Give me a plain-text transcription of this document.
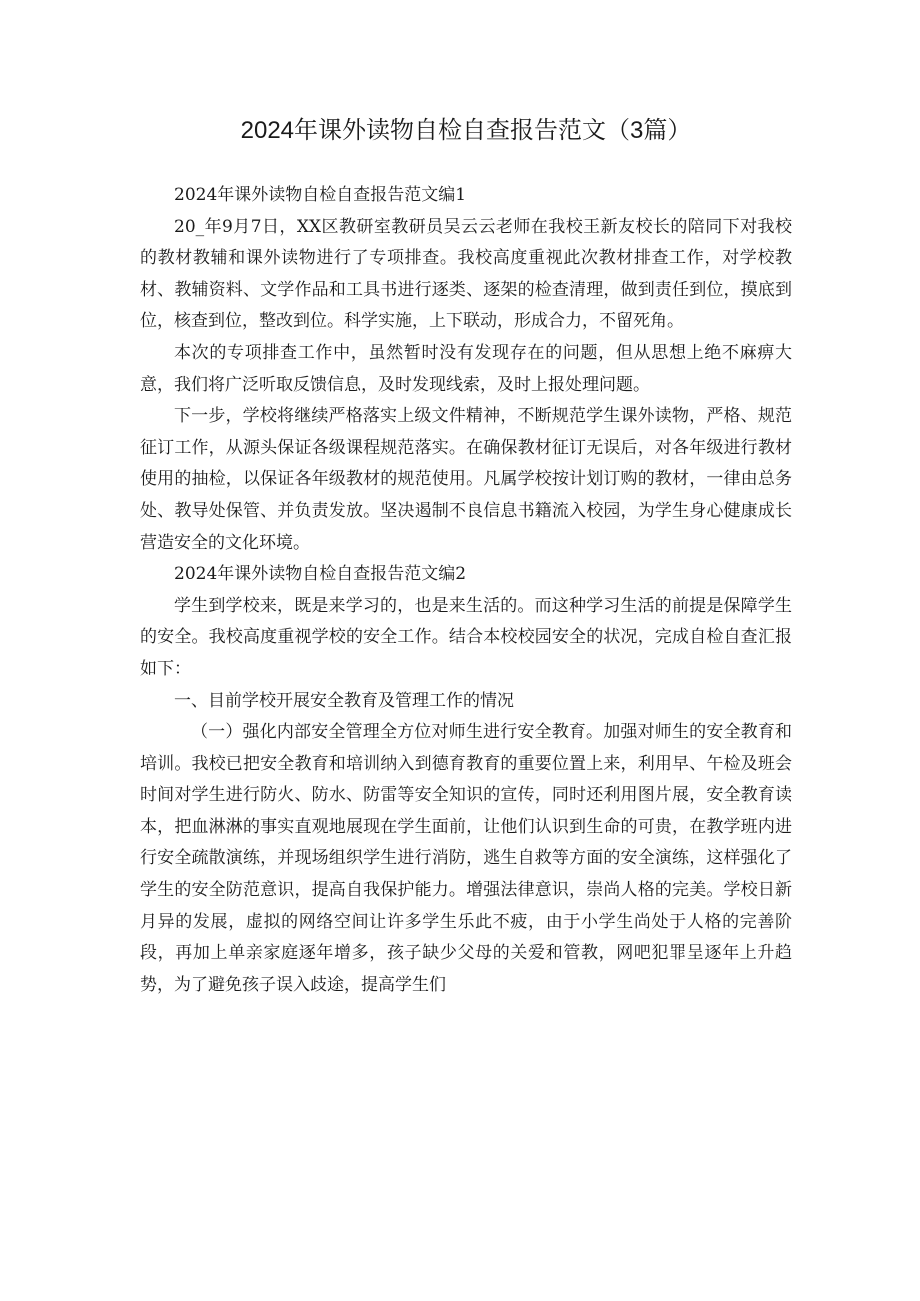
2024年课外读物自检自查报告范文（3篇）

2024年课外读物自检自查报告范文编1

20_年9月7日，XX区教研室教研员吴云云老师在我校王新友校长的陪同下对我校的教材教辅和课外读物进行了专项排查。我校高度重视此次教材排查工作，对学校教材、教辅资料、文学作品和工具书进行逐类、逐架的检查清理，做到责任到位，摸底到位，核查到位，整改到位。科学实施，上下联动，形成合力，不留死角。

本次的专项排查工作中，虽然暂时没有发现存在的问题，但从思想上绝不麻痹大意，我们将广泛听取反馈信息，及时发现线索，及时上报处理问题。

下一步，学校将继续严格落实上级文件精神，不断规范学生课外读物，严格、规范征订工作，从源头保证各级课程规范落实。在确保教材征订无误后，对各年级进行教材使用的抽检，以保证各年级教材的规范使用。凡属学校按计划订购的教材，一律由总务处、教导处保管、并负责发放。坚决遏制不良信息书籍流入校园，为学生身心健康成长营造安全的文化环境。

2024年课外读物自检自查报告范文编2

学生到学校来，既是来学习的，也是来生活的。而这种学习生活的前提是保障学生的安全。我校高度重视学校的安全工作。结合本校校园安全的状况，完成自检自查汇报如下：

一、目前学校开展安全教育及管理工作的情况

（一）强化内部安全管理全方位对师生进行安全教育。加强对师生的安全教育和培训。我校已把安全教育和培训纳入到德育教育的重要位置上来，利用早、午检及班会时间对学生进行防火、防水、防雷等安全知识的宣传，同时还利用图片展，安全教育读本，把血淋淋的事实直观地展现在学生面前，让他们认识到生命的可贵，在教学班内进行安全疏散演练，并现场组织学生进行消防，逃生自救等方面的安全演练，这样强化了学生的安全防范意识，提高自我保护能力。增强法律意识，崇尚人格的完美。学校日新月异的发展，虚拟的网络空间让许多学生乐此不疲，由于小学生尚处于人格的完善阶段，再加上单亲家庭逐年增多，孩子缺少父母的关爱和管教，网吧犯罪呈逐年上升趋势，为了避免孩子误入歧途，提高学生们
